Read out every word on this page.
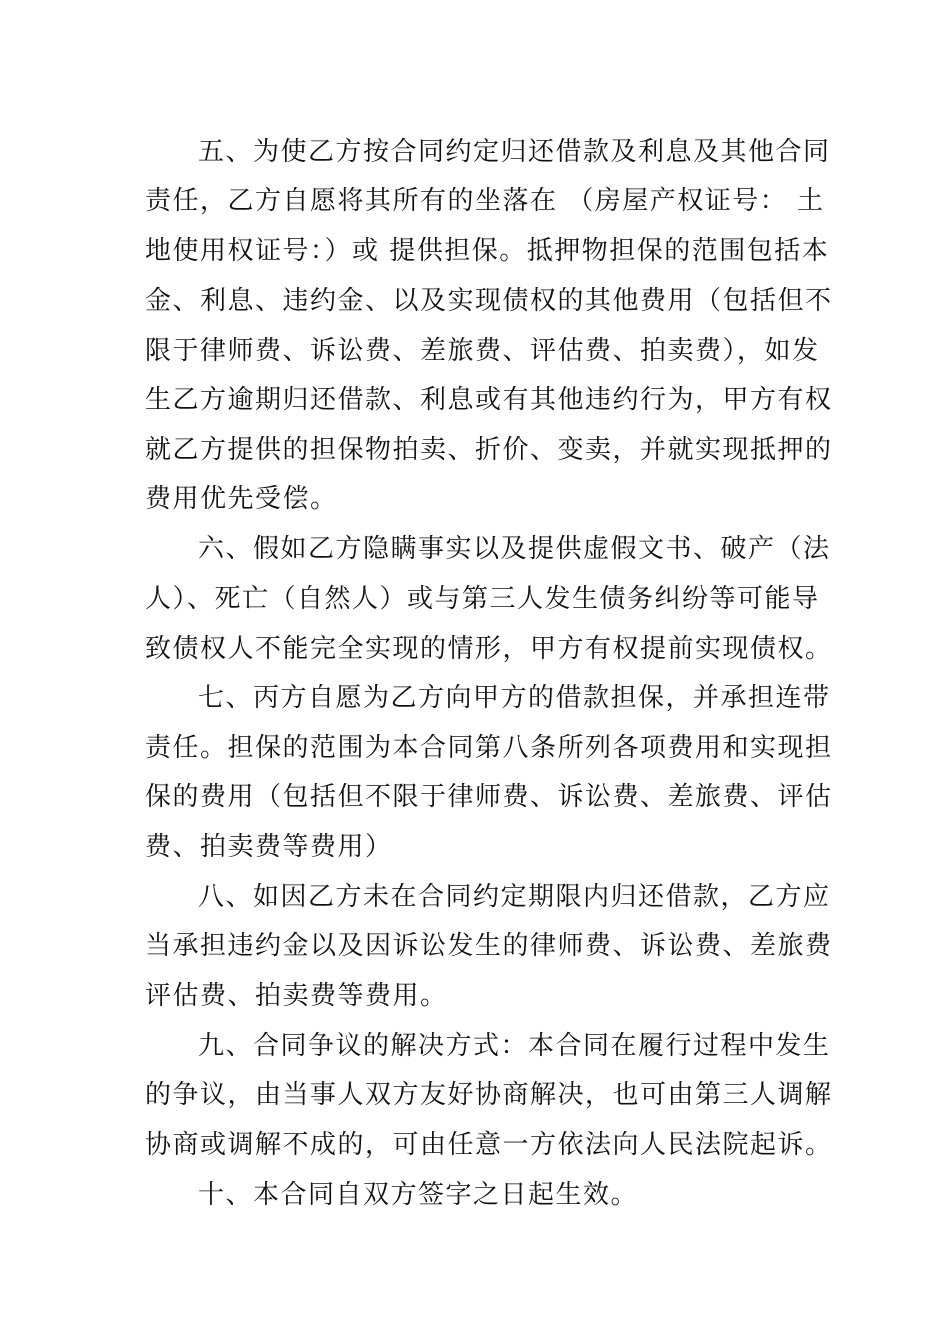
五、为使乙方按合同约定归还借款及利息及其他合同
责任，乙方自愿将其所有的坐落在 （房屋产权证号： 土
地使用权证号：）或 提供担保。抵押物担保的范围包括本
金、利息、违约金、以及实现债权的其他费用（包括但不
限于律师费、诉讼费、差旅费、评估费、拍卖费），如发
生乙方逾期归还借款、利息或有其他违约行为，甲方有权
就乙方提供的担保物拍卖、折价、变卖，并就实现抵押的
费用优先受偿。
六、假如乙方隐瞒事实以及提供虚假文书、破产（法
人）、死亡（自然人）或与第三人发生债务纠纷等可能导
致债权人不能完全实现的情形，甲方有权提前实现债权。
七、丙方自愿为乙方向甲方的借款担保，并承担连带
责任。担保的范围为本合同第八条所列各项费用和实现担
保的费用（包括但不限于律师费、诉讼费、差旅费、评估
费、拍卖费等费用）
八、如因乙方未在合同约定期限内归还借款，乙方应
当承担违约金以及因诉讼发生的律师费、诉讼费、差旅费
评估费、拍卖费等费用。
九、合同争议的解决方式：本合同在履行过程中发生
的争议，由当事人双方友好协商解决，也可由第三人调解
协商或调解不成的，可由任意一方依法向人民法院起诉。
十、本合同自双方签字之日起生效。
